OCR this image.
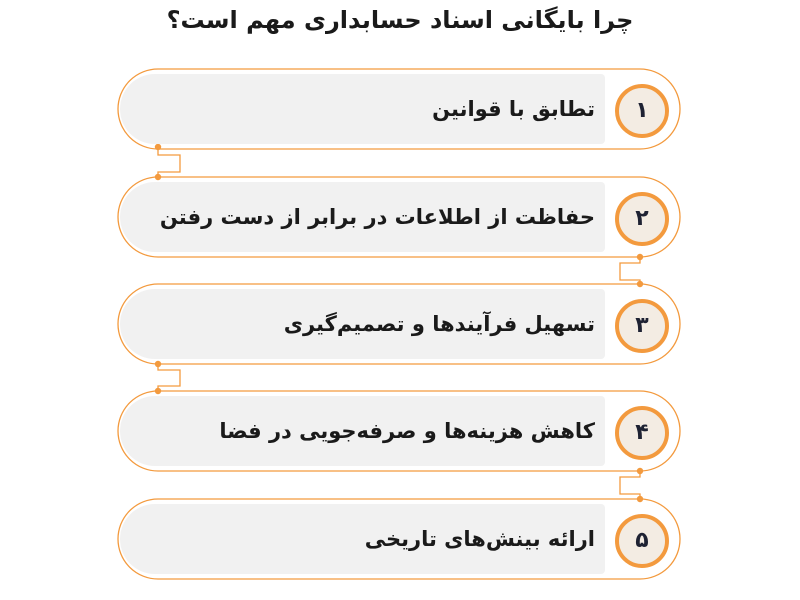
چرا بایگانی اسناد حسابداری مهم است؟
تطابق با قوانین	۱
حفاظت از اطلاعات در برابر از دست رفتن	۲
تسهیل فرآیندها و تصمیم‌گیری	۳
کاهش هزینه‌ها و صرفه‌جویی در فضا	۴
ارائه بینش‌های تاریخی	۵
